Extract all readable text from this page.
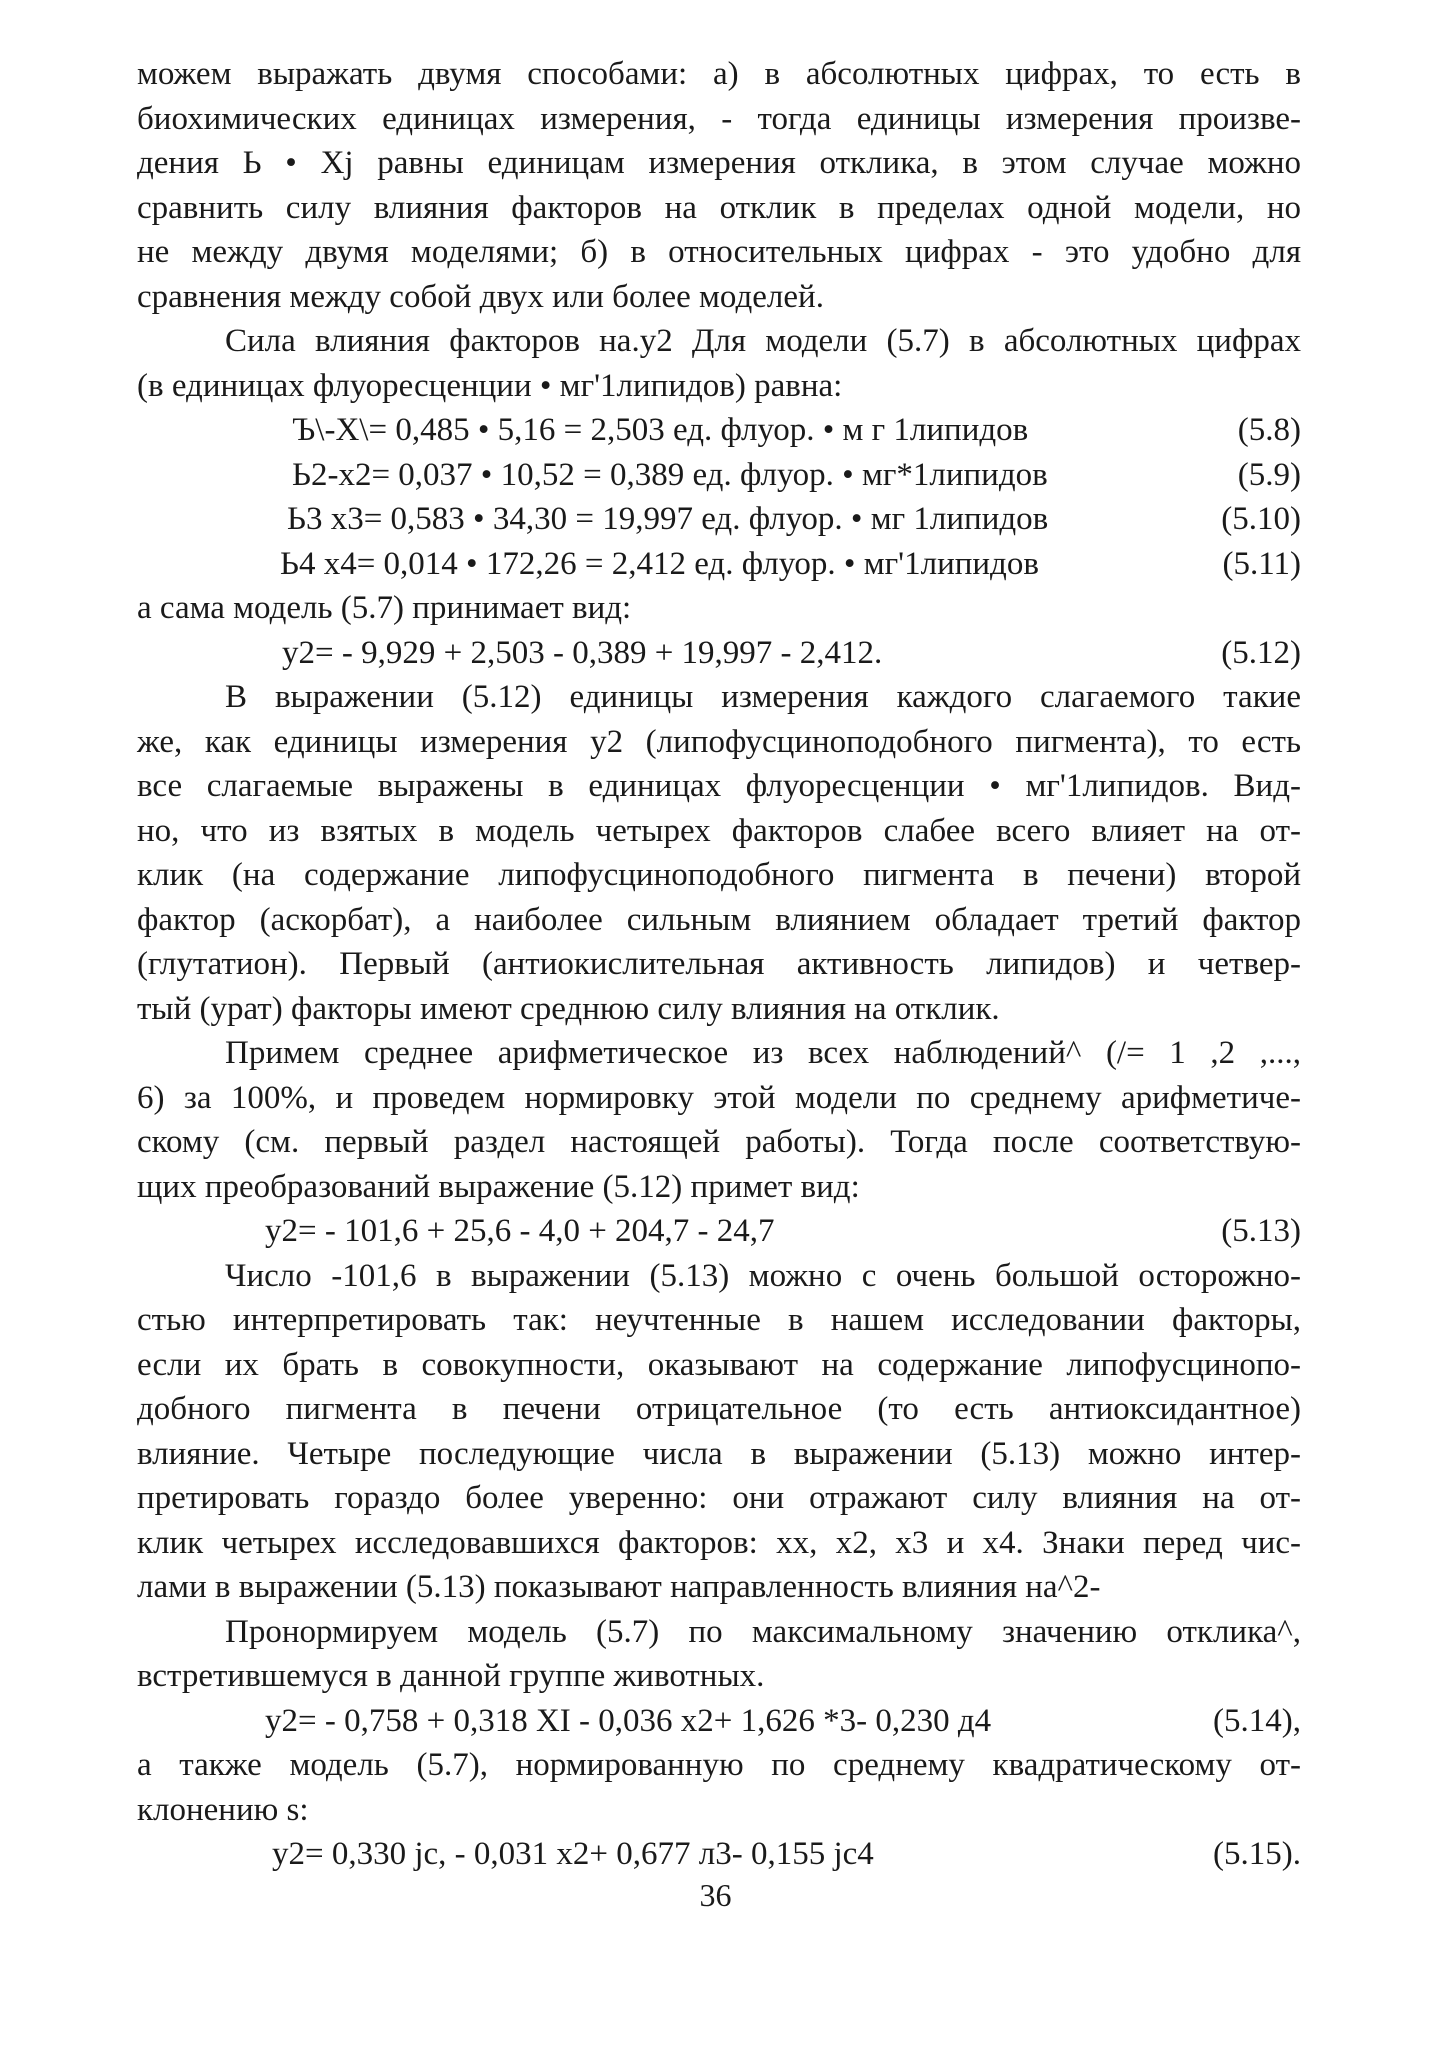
можем выражать двумя способами: а) в абсолютных цифрах, то есть в
биохимических единицах измерения, - тогда единицы измерения произве-
дения Ь • Xj равны единицам измерения отклика, в этом случае можно
сравнить силу влияния факторов на отклик в пределах одной модели, но
не между двумя моделями; б) в относительных цифрах - это удобно для
сравнения между собой двух или более моделей.
Сила влияния факторов на.у2 Для модели (5.7) в абсолютных цифрах
(в единицах флуоресценции • мг'1липидов) равна:
Ъ\-Х\= 0,485 • 5,16 = 2,503 ед. флуор. • м г 1липидов	(5.8)
Ь2-х2= 0,037 • 10,52 = 0,389 ед. флуор. • мг*1липидов	(5.9)
Ь3 х3= 0,583 • 34,30 = 19,997 ед. флуор. • мг 1липидов	(5.10)
Ь4 х4= 0,014 • 172,26 = 2,412 ед. флуор. • мг'1липидов	(5.11)
а сама модель (5.7) принимает вид:
у2= - 9,929 + 2,503 - 0,389 + 19,997 - 2,412.	(5.12)
В выражении (5.12) единицы измерения каждого слагаемого такие
же, как единицы измерения у2 (липофусциноподобного пигмента), то есть
все слагаемые выражены в единицах флуоресценции • мг'1липидов. Вид-
но, что из взятых в модель четырех факторов слабее всего влияет на от-
клик (на содержание липофусциноподобного пигмента в печени) второй
фактор (аскорбат), а наиболее сильным влиянием обладает третий фактор
(глутатион). Первый (антиокислительная активность липидов) и четвер-
тый (урат) факторы имеют среднюю силу влияния на отклик.
Примем среднее арифметическое из всех наблюдений^ (/= 1 ,2 ,...,
6) за 100%, и проведем нормировку этой модели по среднему арифметиче-
скому (см. первый раздел настоящей работы). Тогда после соответствую-
щих преобразований выражение (5.12) примет вид:
у2= - 101,6 + 25,6 - 4,0 + 204,7 - 24,7	(5.13)
Число -101,6 в выражении (5.13) можно с очень большой осторожно-
стью интерпретировать так: неучтенные в нашем исследовании факторы,
если их брать в совокупности, оказывают на содержание липофусцинопо-
добного пигмента в печени отрицательное (то есть антиоксидантное)
влияние. Четыре последующие числа в выражении (5.13) можно интер-
претировать гораздо более уверенно: они отражают силу влияния на от-
клик четырех исследовавшихся факторов: хх, х2, х3 и х4. Знаки перед чис-
лами в выражении (5.13) показывают направленность влияния на^2-
Пронормируем модель (5.7) по максимальному значению отклика^,
встретившемуся в данной группе животных.
у2= - 0,758 + 0,318 XI - 0,036 х2+ 1,626 *3- 0,230 д4	(5.14),
а также модель (5.7), нормированную по среднему квадратическому от-
клонению s:
у2= 0,330 jc, - 0,031 х2+ 0,677 л3- 0,155 jc4	(5.15).
36
